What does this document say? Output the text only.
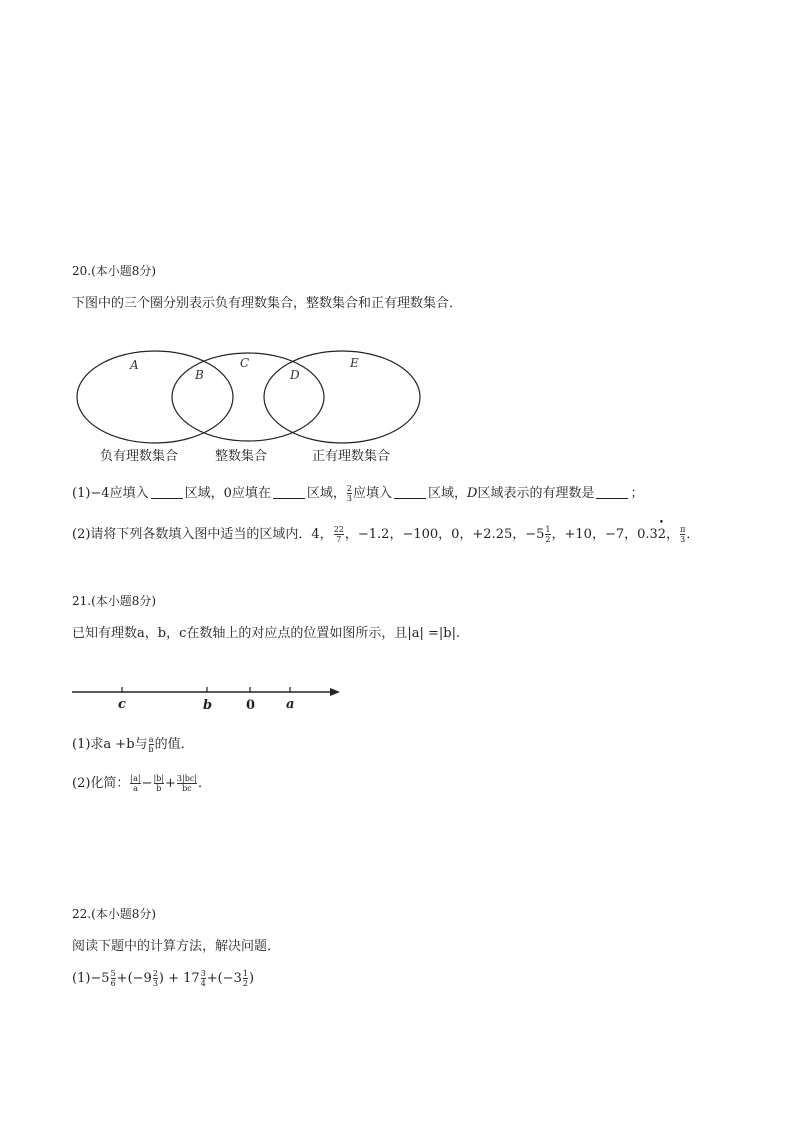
20.(本小题8分)
下图中的三个圈分别表示负有理数集合，整数集合和正有理数集合．
A
B
C
D
E
负有理数集合	整数集合	正有理数集合
(1)−4应填入	区域，0应填在	区域， $\frac{2}{3}$ 应填入	区域，D区域表示的有理数是	；
(2)请将下列各数填入图中适当的区域内．4， $\frac{22}{7}$ ，−1.2，−100，0，+2.25，$-5 \frac{1}{2}$ ，+10，−7，0.3• 2， $\frac{\pi}{3}$ ．
21.(本小题8分)
已知有理数a，b，c在数轴上的对应点的位置如图所示，且|a| =|b|.
c	b	0 a
(1)求a +b与 $\frac{a}{b}$ 的值．
(2)化简： $\frac{|a|}{a} - \frac{|b|}{b} + \frac{3|bc|}{bc}$ ．
22.(本小题8分)
阅读下题中的计算方法，解决问题．
$(1)-5 \frac{5}{6} +(-9 \frac{2}{3}$ ) + $17 \frac{3}{4} +(-3 \frac{1}{2}$ )
